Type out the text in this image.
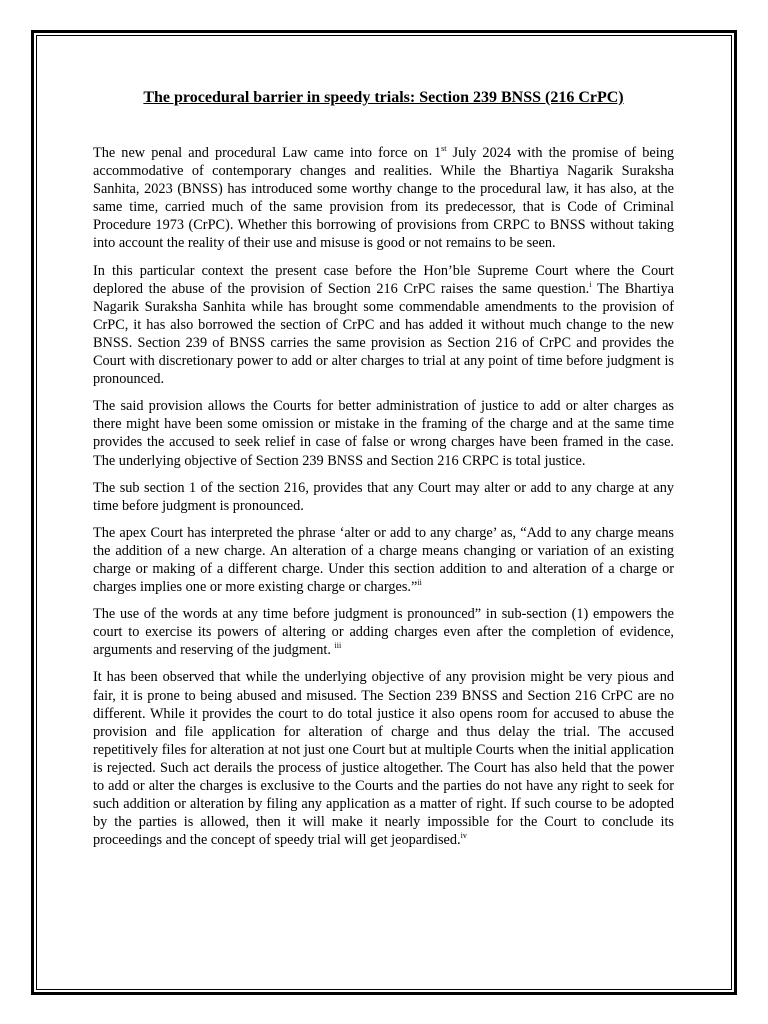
The procedural barrier in speedy trials: Section 239 BNSS (216 CrPC)

The new penal and procedural Law came into force on 1st July 2024 with the promise of being accommodative of contemporary changes and realities. While the Bhartiya Nagarik Suraksha Sanhita, 2023 (BNSS) has introduced some worthy change to the procedural law, it has also, at the same time, carried much of the same provision from its predecessor, that is Code of Criminal Procedure 1973 (CrPC). Whether this borrowing of provisions from CRPC to BNSS without taking into account the reality of their use and misuse is good or not remains to be seen.

In this particular context the present case before the Hon’ble Supreme Court where the Court deplored the abuse of the provision of Section 216 CrPC raises the same question.$^i$ The Bhartiya Nagarik Suraksha Sanhita while has brought some commendable amendments to the provision of CrPC, it has also borrowed the section of CrPC and has added it without much change to the new BNSS. Section 239 of BNSS carries the same provision as Section 216 of CrPC and provides the Court with discretionary power to add or alter charges to trial at any point of time before judgment is pronounced.

The said provision allows the Courts for better administration of justice to add or alter charges as there might have been some omission or mistake in the framing of the charge and at the same time provides the accused to seek relief in case of false or wrong charges have been framed in the case. The underlying objective of Section 239 BNSS and Section 216 CRPC is total justice.

The sub section 1 of the section 216, provides that any Court may alter or add to any charge at any time before judgment is pronounced.

The apex Court has interpreted the phrase ‘alter or add to any charge’ as, “Add to any charge means the addition of a new charge. An alteration of a charge means changing or variation of an existing charge or making of a different charge. Under this section addition to and alteration of a charge or charges implies one or more existing charge or charges.”$^{ii}$

The use of the words at any time before judgment is pronounced” in sub-section (1) empowers the court to exercise its powers of altering or adding charges even after the completion of evidence, arguments and reserving of the judgment. $^{iii}$

It has been observed that while the underlying objective of any provision might be very pious and fair, it is prone to being abused and misused. The Section 239 BNSS and Section 216 CrPC are no different. While it provides the court to do total justice it also opens room for accused to abuse the provision and file application for alteration of charge and thus delay the trial. The accused repetitively files for alteration at not just one Court but at multiple Courts when the initial application is rejected. Such act derails the process of justice altogether. The Court has also held that the power to add or alter the charges is exclusive to the Courts and the parties do not have any right to seek for such addition or alteration by filing any application as a matter of right. If such course to be adopted by the parties is allowed, then it will make it nearly impossible for the Court to conclude its proceedings and the concept of speedy trial will get jeopardised.$^{iv}$
